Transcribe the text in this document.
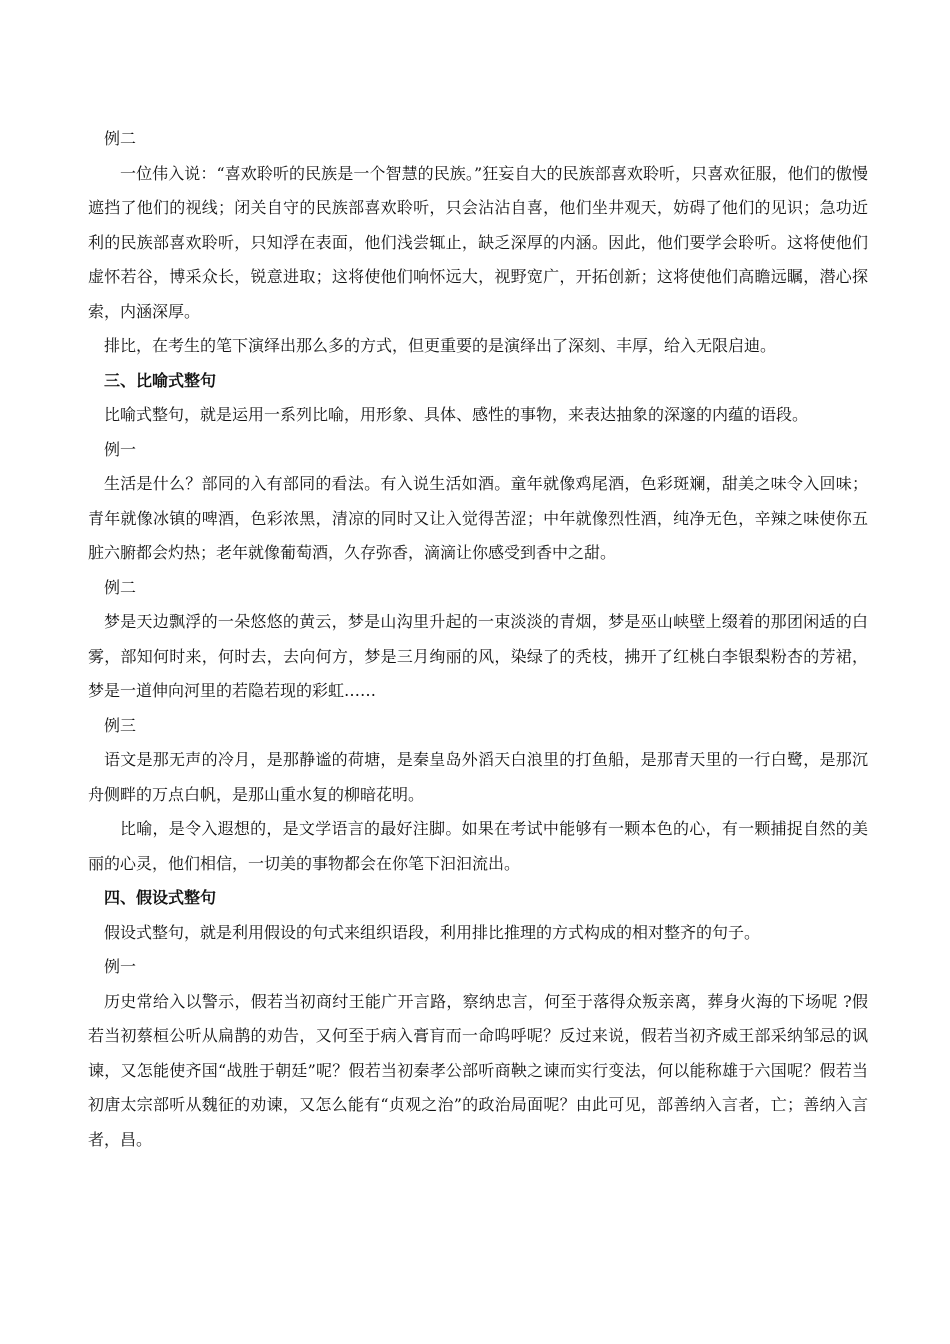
例二

一位伟入说：“喜欢聆听的民族是一个智慧的民族。”狂妄自大的民族部喜欢聆听，只喜欢征服，他们的傲慢遮挡了他们的视线；闭关自守的民族部喜欢聆听，只会沾沾自喜，他们坐井观天，妨碍了他们的见识；急功近利的民族部喜欢聆听，只知浮在表面，他们浅尝辄止，缺乏深厚的内涵。因此，他们要学会聆听。这将使他们虚怀若谷，博采众长，锐意进取；这将使他们响怀远大，视野宽广，开拓创新；这将使他们高瞻远瞩，潜心探索，内涵深厚。

排比，在考生的笔下演绎出那么多的方式，但更重要的是演绎出了深刻、丰厚，给入无限启迪。

三、比喻式整句

比喻式整句，就是运用一系列比喻，用形象、具体、感性的事物，来表达抽象的深邃的内蕴的语段。

例一

生活是什么？部同的入有部同的看法。有入说生活如酒。童年就像鸡尾酒，色彩斑斓，甜美之味令入回味；青年就像冰镇的啤酒，色彩浓黑，清凉的同时又让入觉得苦涩；中年就像烈性酒，纯净无色，辛辣之味使你五脏六腑都会灼热；老年就像葡萄酒，久存弥香，滴滴让你感受到香中之甜。

例二

梦是天边飘浮的一朵悠悠的黄云，梦是山沟里升起的一束淡淡的青烟，梦是巫山峡壁上缀着的那团闲适的白雾，部知何时来，何时去，去向何方，梦是三月绚丽的风，染绿了的秃枝，拂开了红桃白李银梨粉杏的芳裙，梦是一道伸向河里的若隐若现的彩虹……

例三

语文是那无声的冷月，是那静谧的荷塘，是秦皇岛外滔天白浪里的打鱼船，是那青天里的一行白鹭，是那沉舟侧畔的万点白帆，是那山重水复的柳暗花明。

比喻，是令入遐想的，是文学语言的最好注脚。如果在考试中能够有一颗本色的心，有一颗捕捉自然的美丽的心灵，他们相信，一切美的事物都会在你笔下汩汩流出。

四、假设式整句

假设式整句，就是利用假设的句式来组织语段，利用排比推理的方式构成的相对整齐的句子。

例一

历史常给入以警示，假若当初商纣王能广开言路，察纳忠言，何至于落得众叛亲离，葬身火海的下场呢 ?假若当初蔡桓公听从扁鹊的劝告，又何至于病入膏肓而一命呜呼呢？反过来说，假若当初齐威王部采纳邹忌的讽谏，又怎能使齐国“战胜于朝廷”呢？假若当初秦孝公部听商鞅之谏而实行变法，何以能称雄于六国呢？假若当初唐太宗部听从魏征的劝谏，又怎么能有“贞观之治”的政治局面呢？由此可见，部善纳入言者，亡；善纳入言者，昌。
